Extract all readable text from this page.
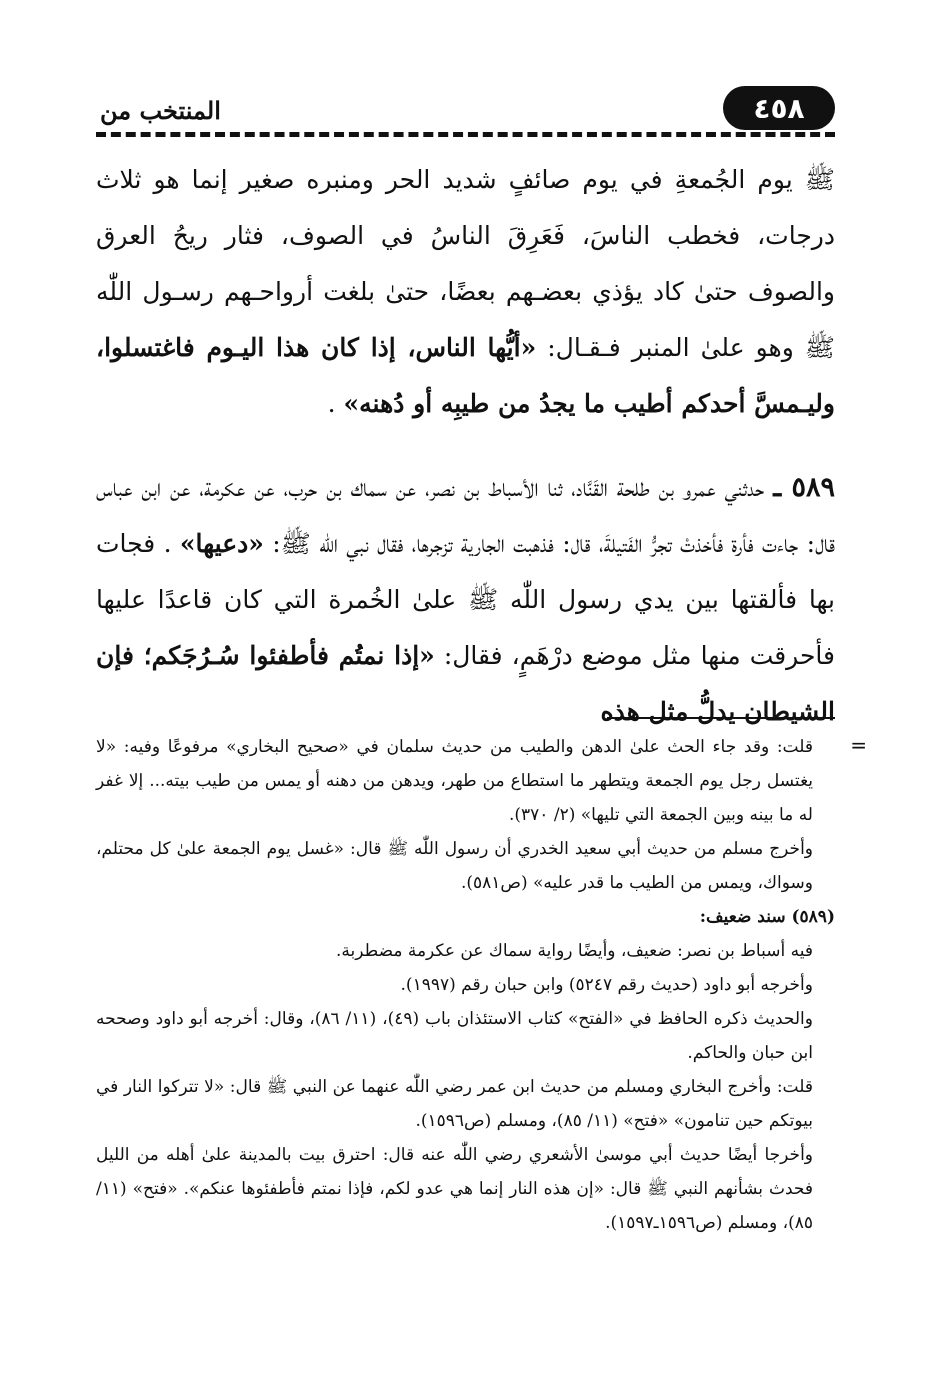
٤٥٨
المنتخب من

ﷺ يوم الجُمعةِ في يوم صائفٍ شديد الحر ومنبره صغير إنما هو ثلاث درجات، فخطب الناسَ، فَعَرِقَ الناسُ في الصوف، فثار ريحُ العرق والصوف حتىٰ كاد يؤذي بعضـهم بعضًا، حتىٰ بلغت أرواحـهم رسـول اللّٰه ﷺ وهو علىٰ المنبر فـقـال: «أيُّها الناس، إذا كان هذا اليـوم فاغتسلوا، وليـمسَّ أحدكم أطيب ما يجدُ من طيبِه أو دُهنه» .

٥٨٩ ـ حدثني عمرو بن طلحة القَنَّاد، ثنا الأسباط بن نصر، عن سماك بن حرب، عن عكرمة، عن ابن عباس قال: جاءت فأرة فأخذتْ تجرُّ الفَتيلةَ، قال: فذهبت الجارية تزجرها، فقال نبي اللّٰه ﷺ: «دعيها» . فجات بها فألقتها بين يدي رسول اللّٰه ﷺ علىٰ الخُمرة التي كان قاعدًا عليها فأحرقت منها مثل موضع درْهَمٍ، فقال: «إذا نمتُم فأطفئوا سُـرُجَكم؛ فإن الشيطان يدلُّ مثل هذه

=

قلت: وقد جاء الحث علىٰ الدهن والطيب من حديث سلمان في «صحيح البخاري» مرفوعًا وفيه: «لا يغتسل رجل يوم الجمعة ويتطهر ما استطاع من طهر، ويدهن من دهنه أو يمس من طيب بيته... إلا غفر له ما بينه وبين الجمعة التي تليها» (٢/ ٣٧٠).

وأخرج مسلم من حديث أبي سعيد الخدري أن رسول اللّٰه ﷺ قال: «غسل يوم الجمعة علىٰ كل محتلم، وسواك، ويمس من الطيب ما قدر عليه» (ص٥٨١).

(٥٨٩) سند ضعيف:

فيه أسباط بن نصر: ضعيف، وأيضًا رواية سماك عن عكرمة مضطربة.

وأخرجه أبو داود (حديث رقم ٥٢٤٧) وابن حبان رقم (١٩٩٧).

والحديث ذكره الحافظ في «الفتح» كتاب الاستئذان باب (٤٩)، (١١/ ٨٦)، وقال: أخرجه أبو داود وصححه ابن حبان والحاكم.

قلت: وأخرج البخاري ومسلم من حديث ابن عمر رضي اللّٰه عنهما عن النبي ﷺ قال: «لا تتركوا النار في بيوتكم حين تنامون» «فتح» (١١/ ٨٥)، ومسلم (ص١٥٩٦).

وأخرجا أيضًا حديث أبي موسىٰ الأشعري رضي اللّٰه عنه قال: احترق بيت بالمدينة علىٰ أهله من الليل فحدث بشأنهم النبي ﷺ قال: «إن هذه النار إنما هي عدو لكم، فإذا نمتم فأطفئوها عنكم». «فتح» (١١/ ٨٥)، ومسلم (ص١٥٩٦ـ١٥٩٧).
